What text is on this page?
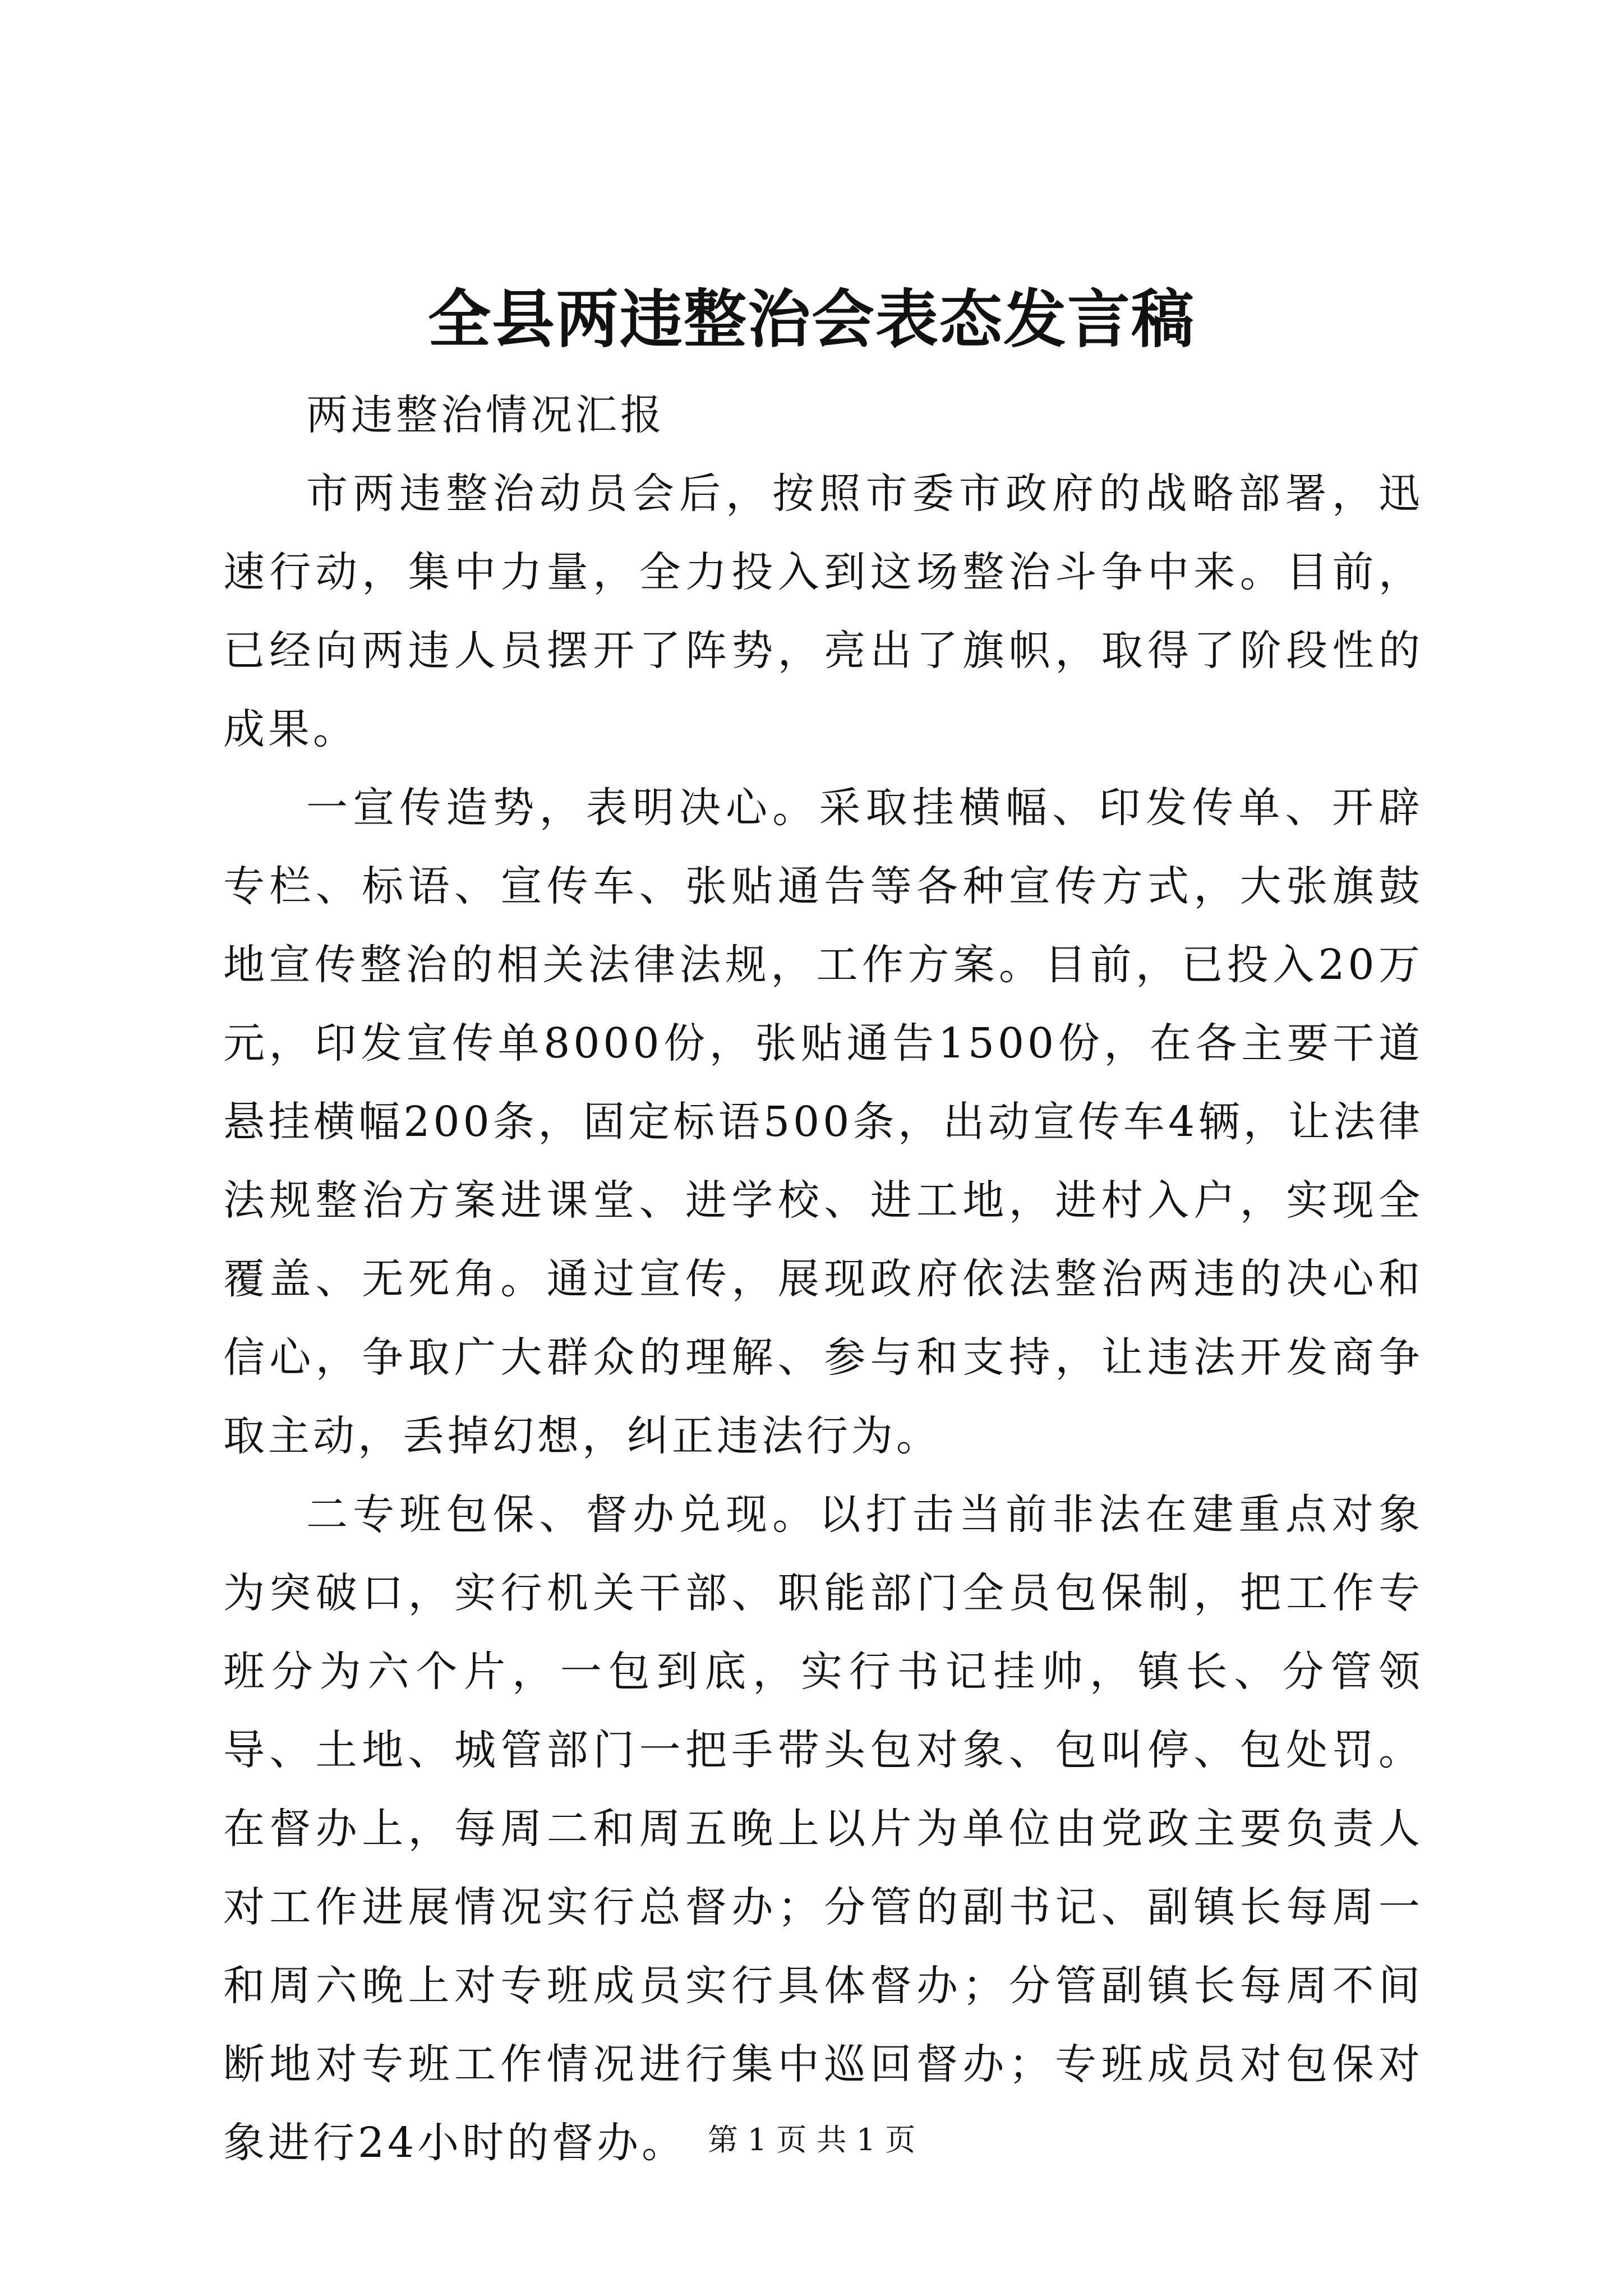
全县两违整治会表态发言稿

两违整治情况汇报

市两违整治动员会后，按照市委市政府的战略部署，迅速行动，集中力量，全力投入到这场整治斗争中来。目前，已经向两违人员摆开了阵势，亮出了旗帜，取得了阶段性的成果。

一宣传造势，表明决心。采取挂横幅、印发传单、开辟专栏、标语、宣传车、张贴通告等各种宣传方式，大张旗鼓地宣传整治的相关法律法规，工作方案。目前，已投入20万元，印发宣传单8000份，张贴通告1500份，在各主要干道悬挂横幅200条，固定标语500条，出动宣传车4辆，让法律法规整治方案进课堂、进学校、进工地，进村入户，实现全覆盖、无死角。通过宣传，展现政府依法整治两违的决心和信心，争取广大群众的理解、参与和支持，让违法开发商争取主动，丢掉幻想，纠正违法行为。

二专班包保、督办兑现。以打击当前非法在建重点对象为突破口，实行机关干部、职能部门全员包保制，把工作专班分为六个片，一包到底，实行书记挂帅，镇长、分管领导、土地、城管部门一把手带头包对象、包叫停、包处罚。在督办上，每周二和周五晚上以片为单位由党政主要负责人对工作进展情况实行总督办；分管的副书记、副镇长每周一和周六晚上对专班成员实行具体督办；分管副镇长每周不间断地对专班工作情况进行集中巡回督办；专班成员对包保对象进行24小时的督办。 第 1 页 共 1 页
